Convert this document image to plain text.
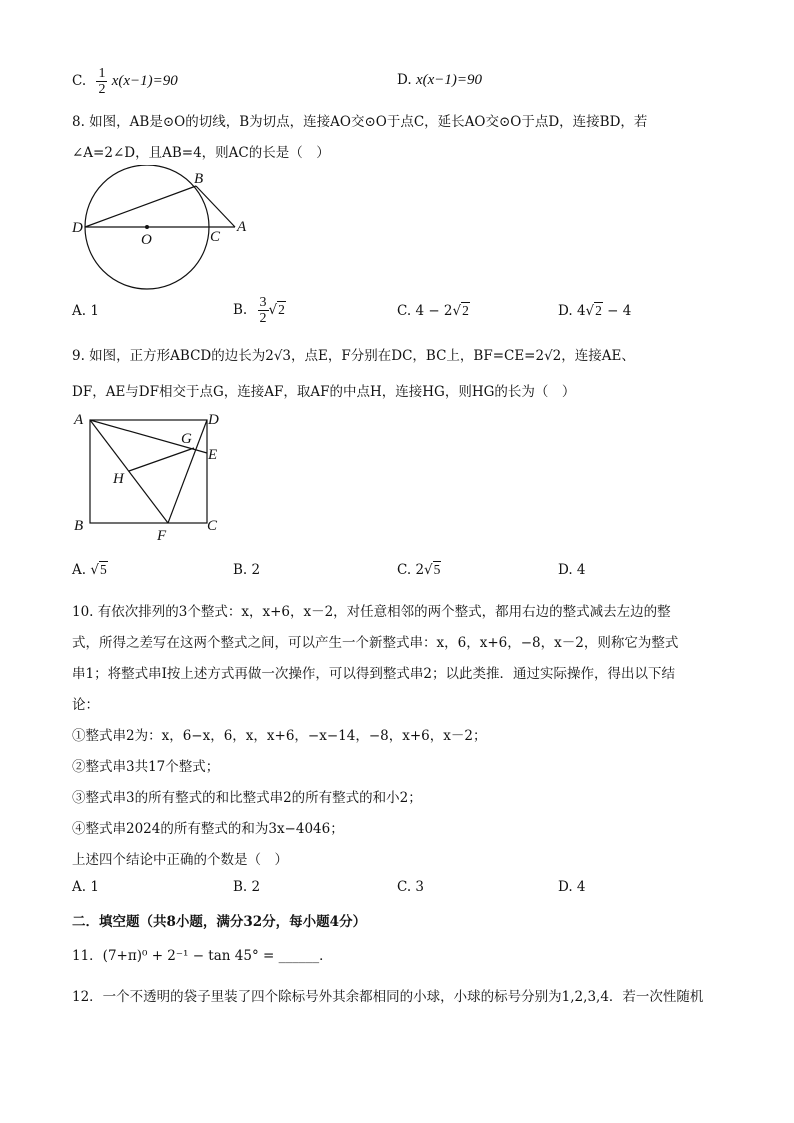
C. $\frac{1}{2} x(x-1)=90$	D. x(x−1)=90
8. 如图，AB是⊙O的切线，B为切点，连接AO交⊙O于点C，延长AO交⊙O于点D，连接BD，若
∠A=2∠D，且AB=4，则AC的长是（　）
B
D
O	C
A
A. 1	B. $\frac{3}{2} √2$	C. 4 − 2√2	D. 4√2 − 4
9. 如图，正方形ABCD的边长为2√3，点E，F分别在DC，BC上，BF=CE=2√2，连接AE、
DF，AE与DF相交于点G，连接AF，取AF的中点H，连接HG，则HG的长为（　）
A	D
G
E
H
B
F
C
A. √5	B. 2	C. 2√5	D. 4
10. 有依次排列的3个整式：x，x+6，x－2，对任意相邻的两个整式，都用右边的整式减去左边的整
式，所得之差写在这两个整式之间，可以产生一个新整式串：x，6，x+6，−8，x－2，则称它为整式
串1；将整式串Ⅰ按上述方式再做一次操作，可以得到整式串2；以此类推．通过实际操作，得出以下结
论：
①整式串2为：x，6−x，6，x，x+6，−x−14，−8，x+6，x－2；
②整式串3共17个整式；
③整式串3的所有整式的和比整式串2的所有整式的和小2；
④整式串2024的所有整式的和为3x−4046；
上述四个结论中正确的个数是（　）
A. 1	B. 2	C. 3	D. 4
二．填空题（共8小题，满分32分，每小题4分）
11．(7+π)⁰ + 2⁻¹ − tan 45° = ______．
12．一个不透明的袋子里装了四个除标号外其余都相同的小球，小球的标号分别为1,2,3,4．若一次性随机
